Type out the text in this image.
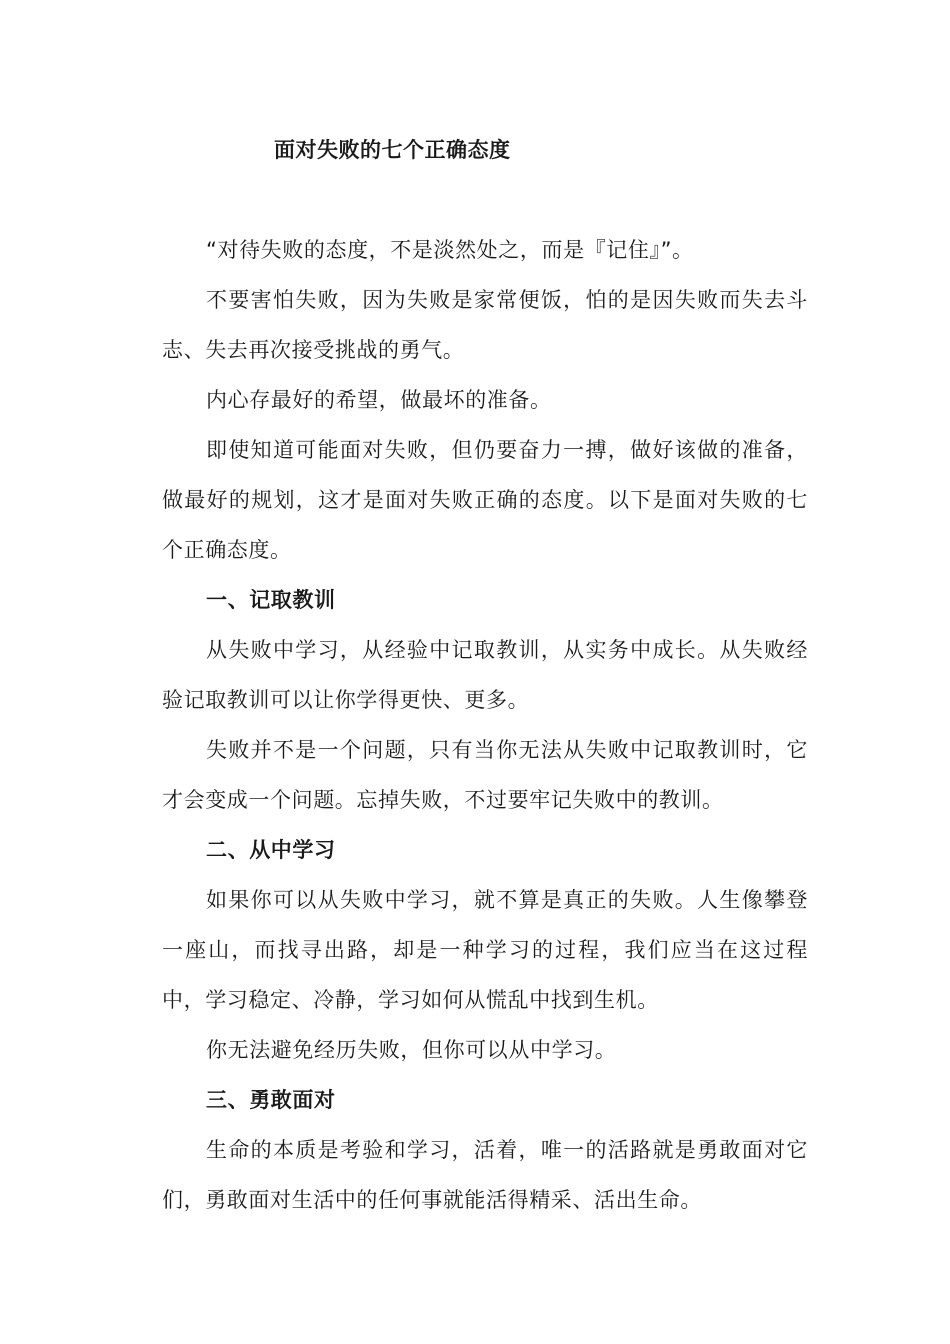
面对失败的七个正确态度

“对待失败的态度，不是淡然处之，而是『记住』”。

不要害怕失败，因为失败是家常便饭，怕的是因失败而失去斗志、失去再次接受挑战的勇气。

内心存最好的希望，做最坏的准备。

即使知道可能面对失败，但仍要奋力一搏，做好该做的准备，做最好的规划，这才是面对失败正确的态度。以下是面对失败的七个正确态度。

一、记取教训

从失败中学习，从经验中记取教训，从实务中成长。从失败经验记取教训可以让你学得更快、更多。

失败并不是一个问题，只有当你无法从失败中记取教训时，它才会变成一个问题。忘掉失败，不过要牢记失败中的教训。

二、从中学习

如果你可以从失败中学习，就不算是真正的失败。人生像攀登一座山，而找寻出路，却是一种学习的过程，我们应当在这过程中，学习稳定、冷静，学习如何从慌乱中找到生机。

你无法避免经历失败，但你可以从中学习。

三、勇敢面对

生命的本质是考验和学习，活着，唯一的活路就是勇敢面对它们，勇敢面对生活中的任何事就能活得精采、活出生命。
